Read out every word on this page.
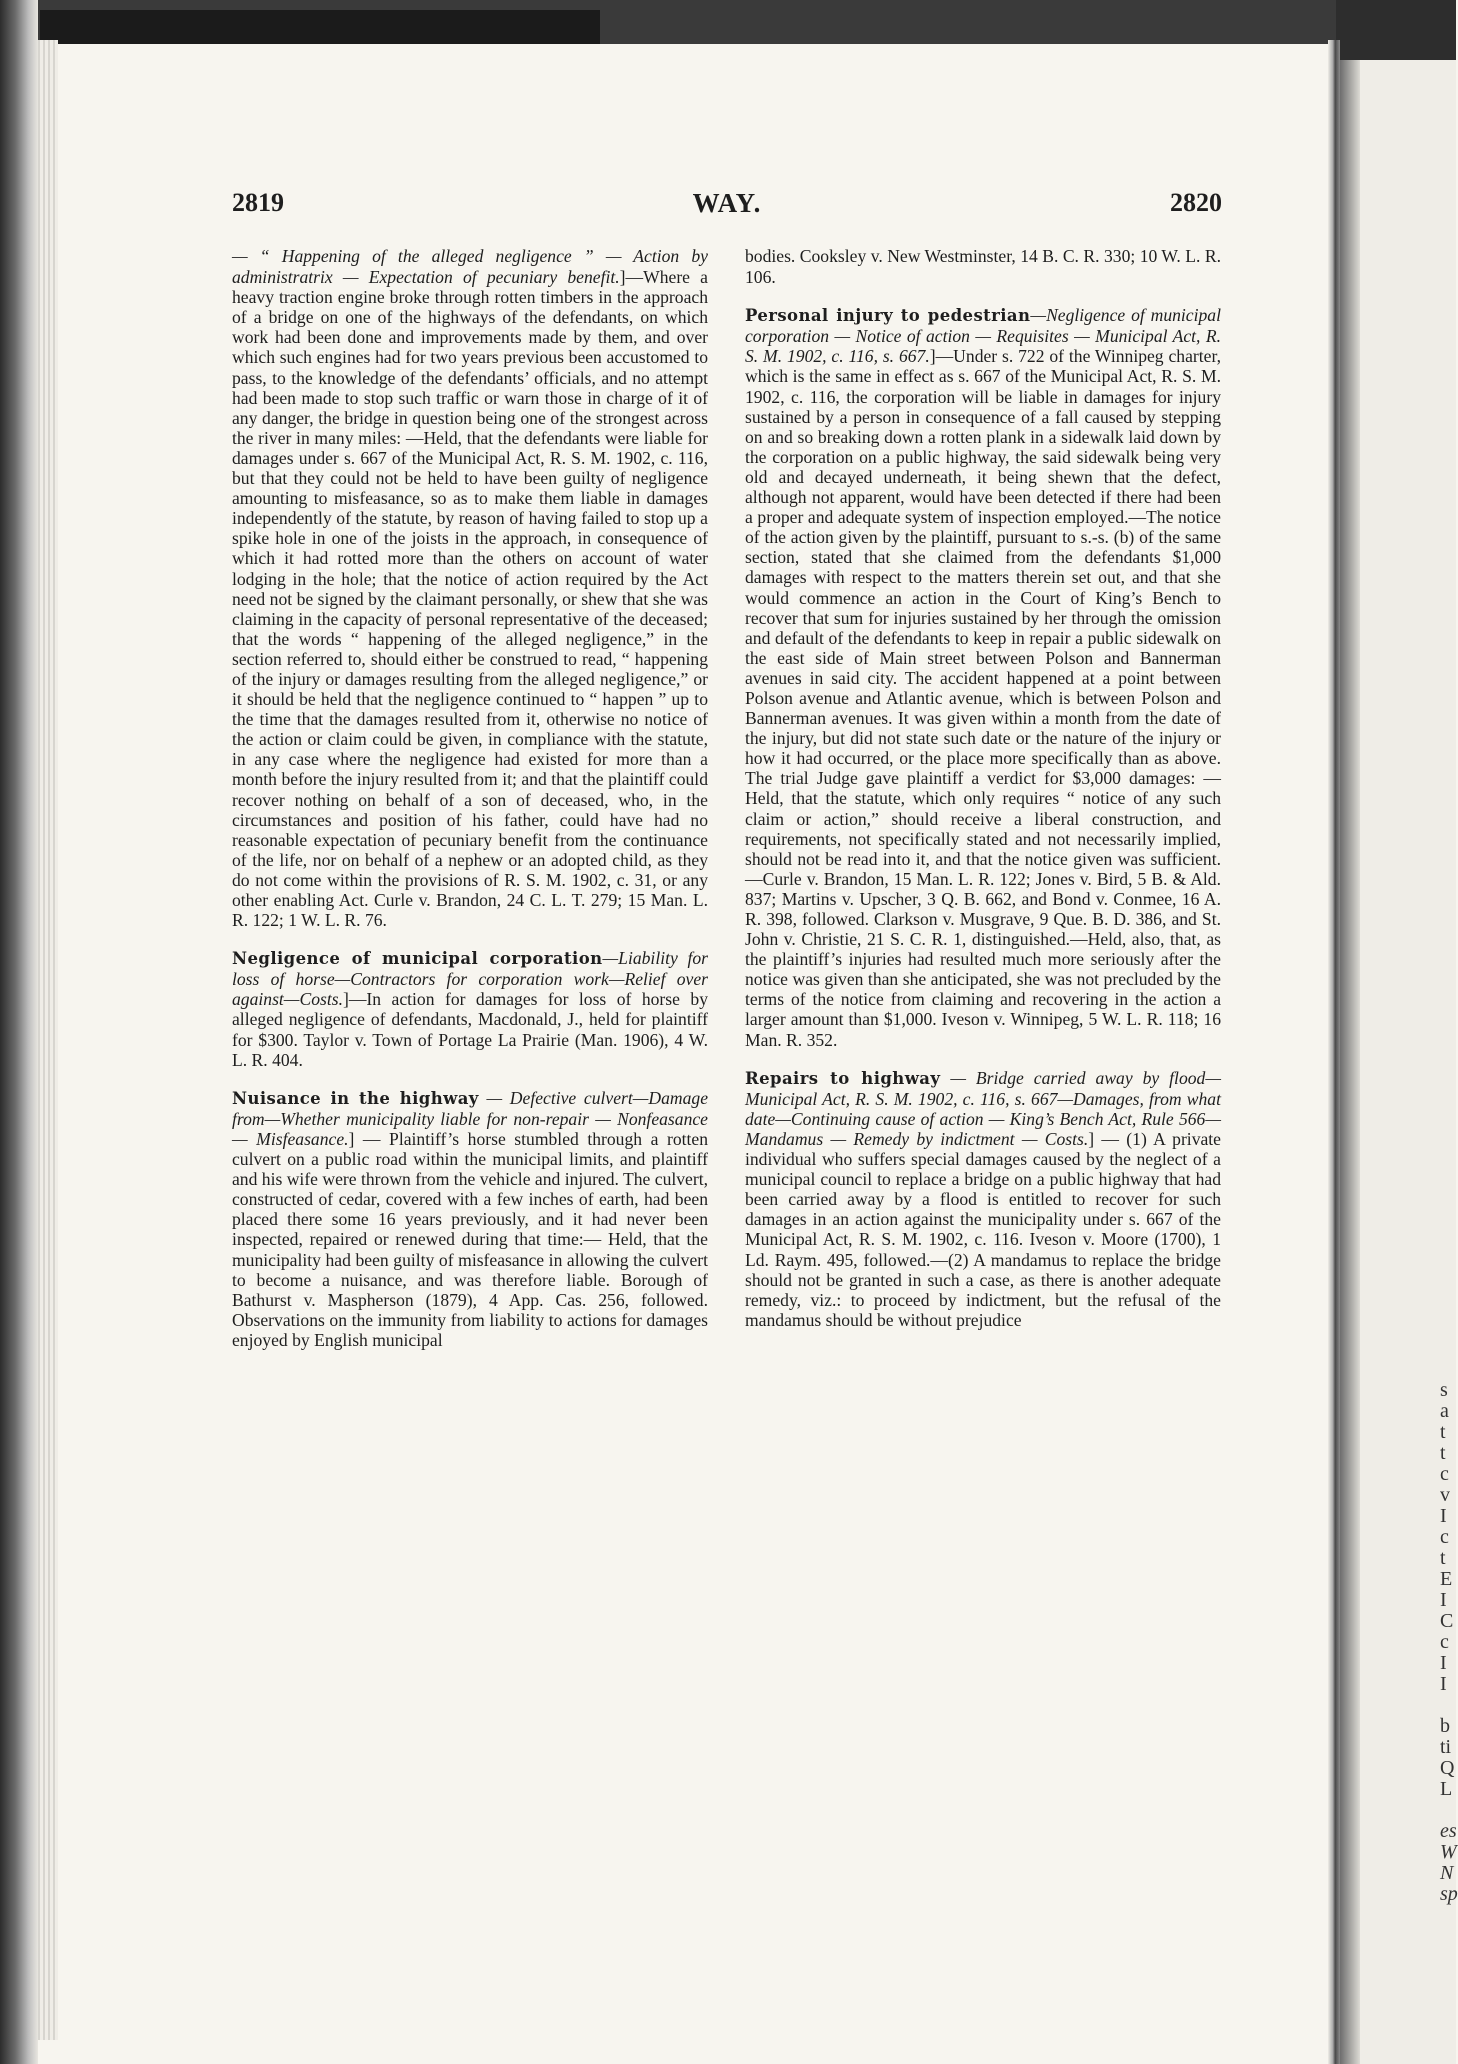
s
a
t
t
c
v
I
c
t
E
I
C
c
I
I

b
ti
Q
L

es
W
N
sp
2819	WAY.	2820

— “ Happening of the alleged negligence ” — Action by administratrix — Expectation of pecuniary benefit.]—Where a heavy traction engine broke through rotten timbers in the approach of a bridge on one of the highways of the defendants, on which work had been done and improvements made by them, and over which such engines had for two years previous been accustomed to pass, to the knowledge of the defendants’ officials, and no attempt had been made to stop such traffic or warn those in charge of it of any danger, the bridge in question being one of the strongest across the river in many miles: —Held, that the defendants were liable for damages under s. 667 of the Municipal Act, R. S. M. 1902, c. 116, but that they could not be held to have been guilty of negligence amounting to misfeasance, so as to make them liable in damages independently of the statute, by reason of having failed to stop up a spike hole in one of the joists in the approach, in consequence of which it had rotted more than the others on account of water lodging in the hole; that the notice of action required by the Act need not be signed by the claimant personally, or shew that she was claiming in the capacity of personal representative of the deceased; that the words “ happening of the alleged negligence,” in the section referred to, should either be construed to read, “ happening of the injury or damages resulting from the alleged negligence,” or it should be held that the negligence continued to “ happen ” up to the time that the damages resulted from it, otherwise no notice of the action or claim could be given, in compliance with the statute, in any case where the negligence had existed for more than a month before the injury resulted from it; and that the plaintiff could recover nothing on behalf of a son of deceased, who, in the circumstances and position of his father, could have had no reasonable expectation of pecuniary benefit from the continuance of the life, nor on behalf of a nephew or an adopted child, as they do not come within the provisions of R. S. M. 1902, c. 31, or any other enabling Act. Curle v. Brandon, 24 C. L. T. 279; 15 Man. L. R. 122; 1 W. L. R. 76.

Negligence of municipal corporation—Liability for loss of horse—Contractors for corporation work—Relief over against—Costs.]—In action for damages for loss of horse by alleged negligence of defendants, Macdonald, J., held for plaintiff for $300. Taylor v. Town of Portage La Prairie (Man. 1906), 4 W. L. R. 404.

Nuisance in the highway — Defective culvert—Damage from—Whether municipality liable for non-repair — Nonfeasance — Misfeasance.] — Plaintiff’s horse stumbled through a rotten culvert on a public road within the municipal limits, and plaintiff and his wife were thrown from the vehicle and injured. The culvert, constructed of cedar, covered with a few inches of earth, had been placed there some 16 years previously, and it had never been inspected, repaired or renewed during that time:— Held, that the municipality had been guilty of misfeasance in allowing the culvert to become a nuisance, and was therefore liable. Borough of Bathurst v. Maspherson (1879), 4 App. Cas. 256, followed. Observations on the immunity from liability to actions for damages enjoyed by English municipal

bodies. Cooksley v. New Westminster, 14 B. C. R. 330; 10 W. L. R. 106.

Personal injury to pedestrian—Negligence of municipal corporation — Notice of action — Requisites — Municipal Act, R. S. M. 1902, c. 116, s. 667.]—Under s. 722 of the Winnipeg charter, which is the same in effect as s. 667 of the Municipal Act, R. S. M. 1902, c. 116, the corporation will be liable in damages for injury sustained by a person in consequence of a fall caused by stepping on and so breaking down a rotten plank in a sidewalk laid down by the corporation on a public highway, the said sidewalk being very old and decayed underneath, it being shewn that the defect, although not apparent, would have been detected if there had been a proper and adequate system of inspection employed.—The notice of the action given by the plaintiff, pursuant to s.-s. (b) of the same section, stated that she claimed from the defendants $1,000 damages with respect to the matters therein set out, and that she would commence an action in the Court of King’s Bench to recover that sum for injuries sustained by her through the omission and default of the defendants to keep in repair a public sidewalk on the east side of Main street between Polson and Bannerman avenues in said city. The accident happened at a point between Polson avenue and Atlantic avenue, which is between Polson and Bannerman avenues. It was given within a month from the date of the injury, but did not state such date or the nature of the injury or how it had occurred, or the place more specifically than as above. The trial Judge gave plaintiff a verdict for $3,000 damages: — Held, that the statute, which only requires “ notice of any such claim or action,” should receive a liberal construction, and requirements, not specifically stated and not necessarily implied, should not be read into it, and that the notice given was sufficient.—Curle v. Brandon, 15 Man. L. R. 122; Jones v. Bird, 5 B. & Ald. 837; Martins v. Upscher, 3 Q. B. 662, and Bond v. Conmee, 16 A. R. 398, followed. Clarkson v. Musgrave, 9 Que. B. D. 386, and St. John v. Christie, 21 S. C. R. 1, distinguished.—Held, also, that, as the plaintiff’s injuries had resulted much more seriously after the notice was given than she anticipated, she was not precluded by the terms of the notice from claiming and recovering in the action a larger amount than $1,000. Iveson v. Winnipeg, 5 W. L. R. 118; 16 Man. R. 352.

Repairs to highway — Bridge carried away by flood—Municipal Act, R. S. M. 1902, c. 116, s. 667—Damages, from what date—Continuing cause of action — King’s Bench Act, Rule 566—Mandamus — Remedy by indictment — Costs.] — (1) A private individual who suffers special damages caused by the neglect of a municipal council to replace a bridge on a public highway that had been carried away by a flood is entitled to recover for such damages in an action against the municipality under s. 667 of the Municipal Act, R. S. M. 1902, c. 116. Iveson v. Moore (1700), 1 Ld. Raym. 495, followed.—(2) A mandamus to replace the bridge should not be granted in such a case, as there is another adequate remedy, viz.: to proceed by indictment, but the refusal of the mandamus should be without prejudice
